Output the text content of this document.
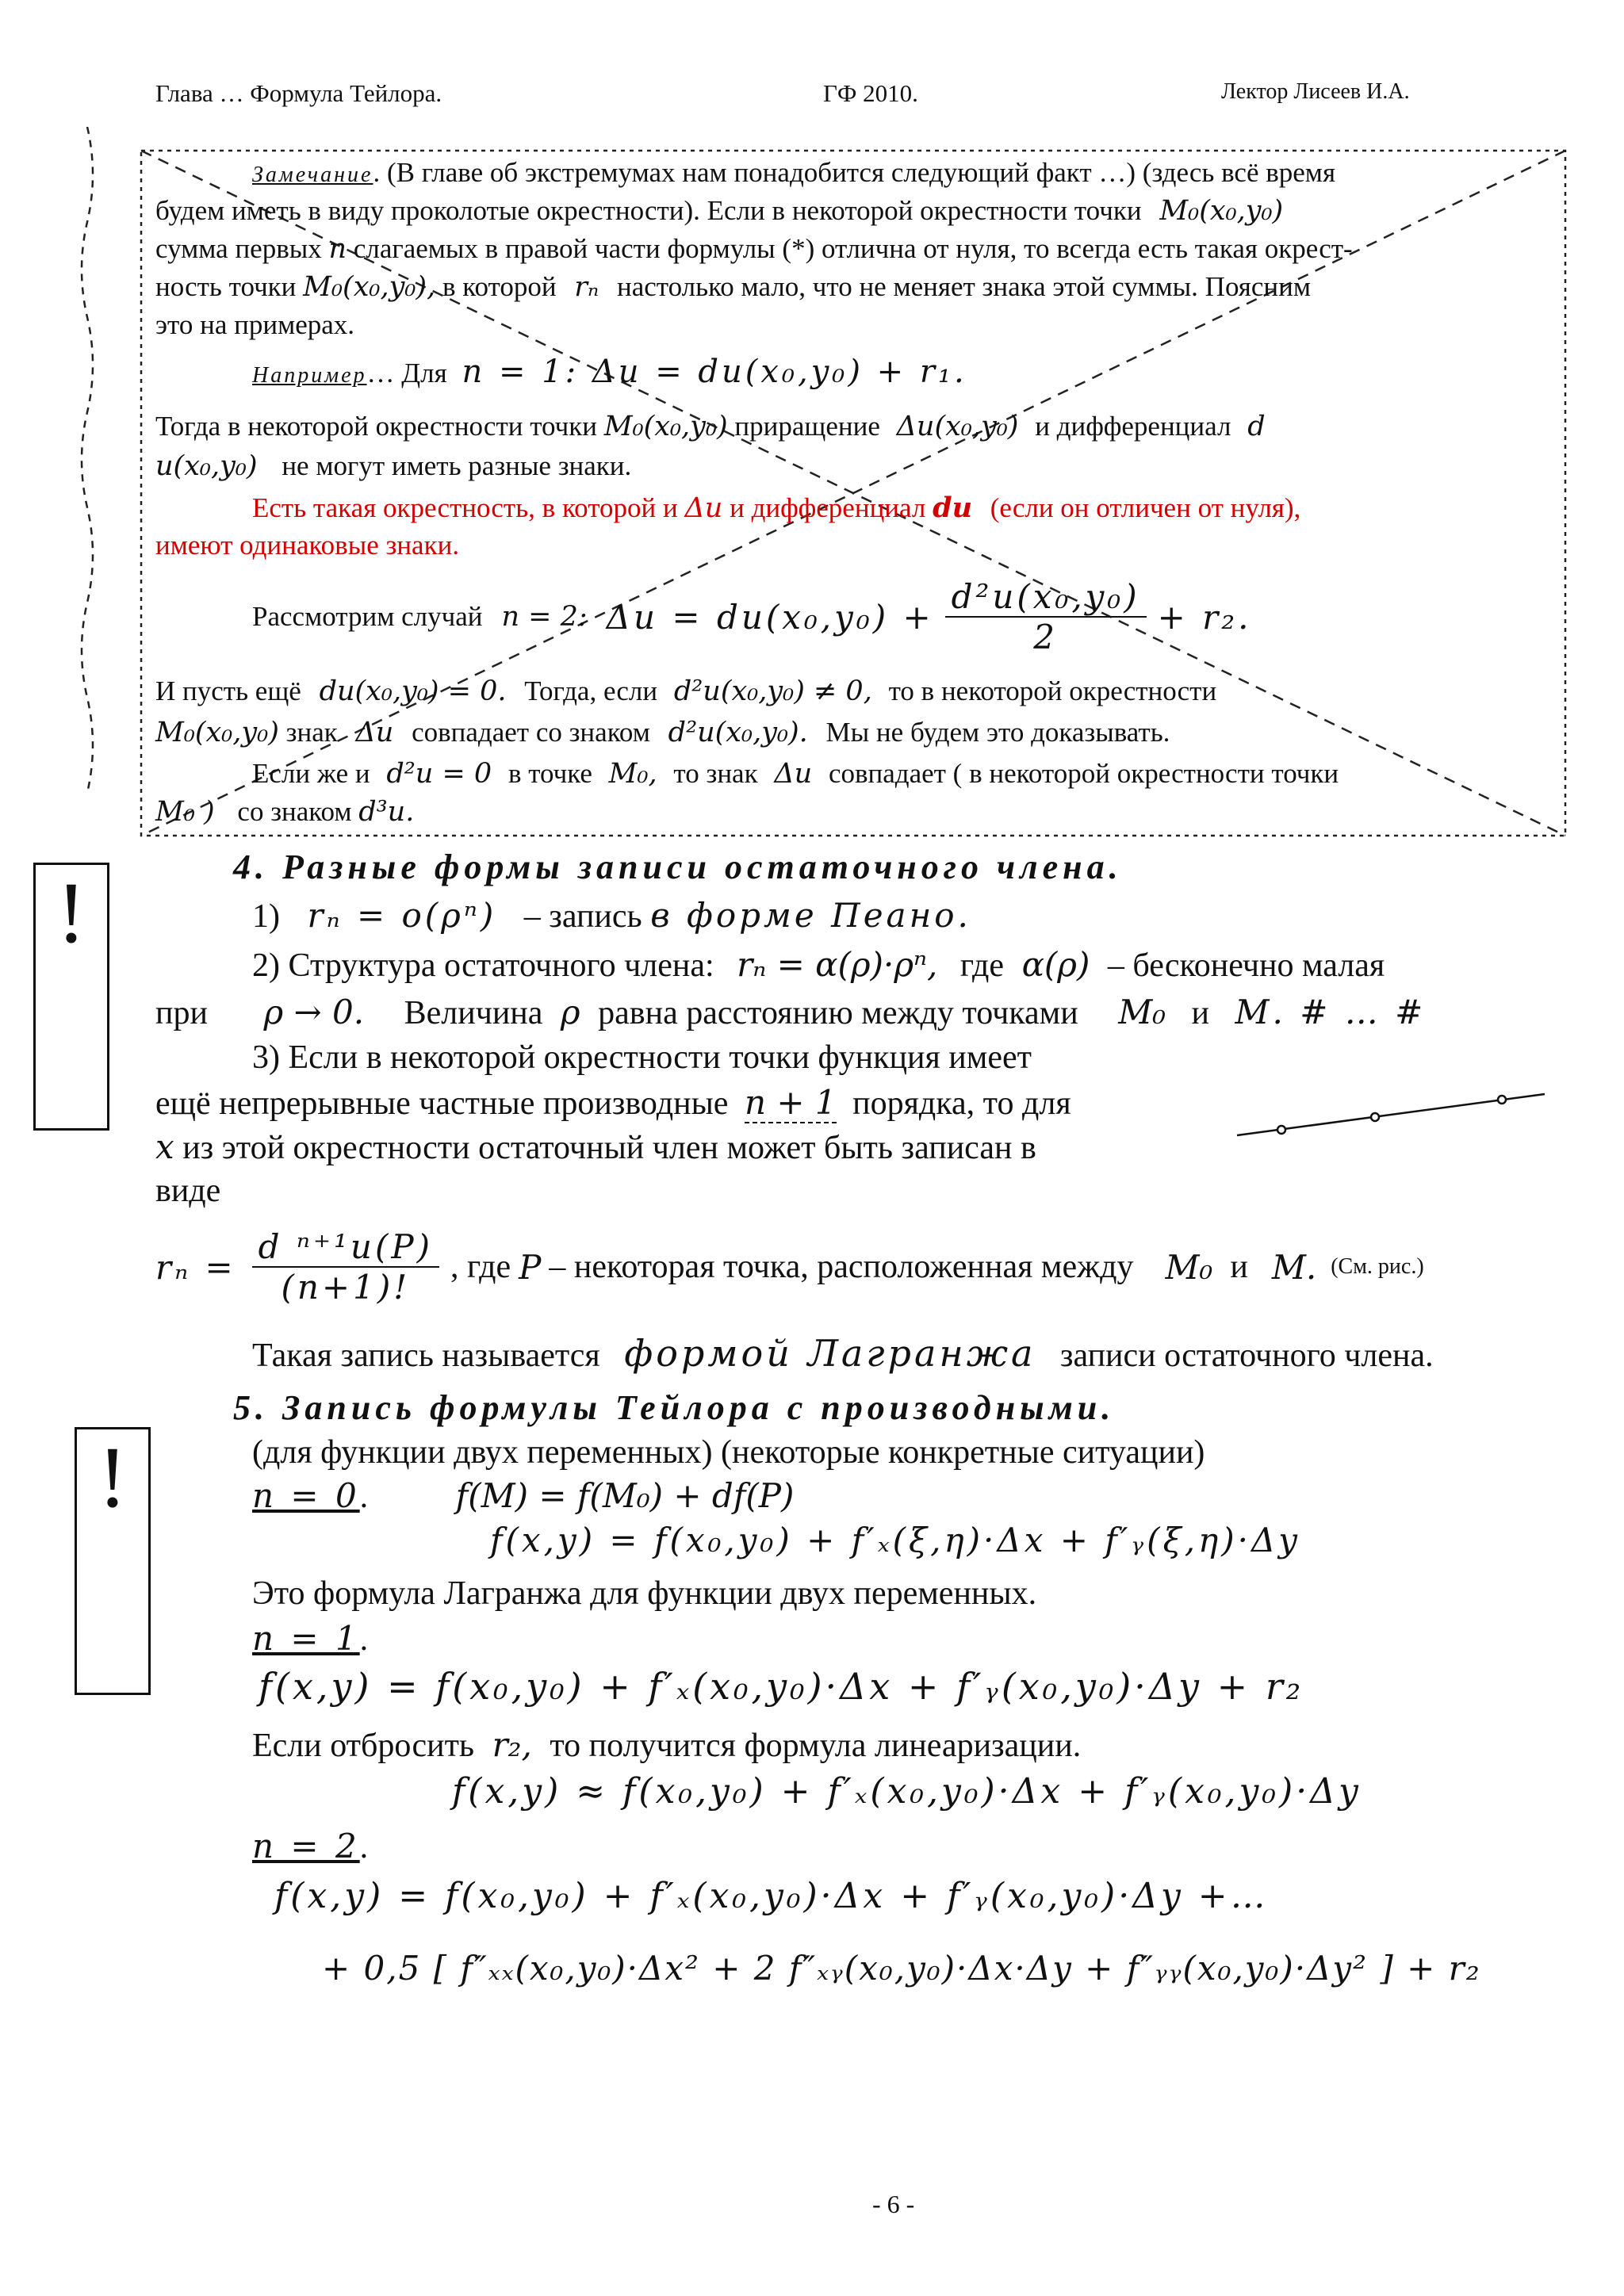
Глава … Формула Тейлора.	ГФ 2010.	Лектор Лисеев И.А.
Замечание. (В главе об экстремумах нам понадобится следующий факт …) (здесь всё время
будем иметь в виду проколотые окрестности). Если в некоторой окрестности точки M₀(x₀,y₀)
сумма первых n слагаемых в правой части формулы (*) отлична от нуля, то всегда есть такая окрест-
ность точки M₀(x₀,y₀), в которой rₙ настолько мало, что не меняет знака этой суммы. Поясним
это на примерах.
Например… Для n = 1: Δu = du(x₀,y₀) + r₁.
Тогда в некоторой окрестности точки M₀(x₀,y₀) приращение Δu(x₀,y₀) и дифференциал d
u(x₀,y₀) не могут иметь разные знаки.
Есть такая окрестность, в которой и Δu и дифференциал du (если он отличен от нуля),
имеют одинаковые знаки.
Рассмотрим случай n = 2: $\Delta u = du(x_0,y_0) + \frac{\text{d²u(x₀,y₀)}}{2} + r_2$.
И пусть ещё du(x₀,y₀) = 0. Тогда, если d²u(x₀,y₀) ≠ 0, то в некоторой окрестности
M₀(x₀,y₀) знак Δu совпадает со знаком d²u(x₀,y₀). Мы не будем это доказывать.
Если же и d²u = 0 в точке M₀, то знак Δu совпадает ( в некоторой окрестности точки
M₀ ) со знаком d³u.
!
!
4. Разные формы записи остаточного члена.
1) rₙ = o(ρⁿ) – запись в форме Пеано.
2) Структура остаточного члена: rₙ = α(ρ)·ρⁿ, где α(ρ) – бесконечно малая
при ρ → 0. Величина ρ равна расстоянию между точками M₀ и M. # … #
3) Если в некоторой окрестности точки функция имеет
ещё непрерывные частные производные n + 1 порядка, то для
x из этой окрестности остаточный член может быть записан в
виде
$r_n = \frac{\text{d ⁿ⁺¹u(P)}}{(n+1)!}$ , где P – некоторая точка, расположенная между M₀ и M. (См. рис.)
Такая запись называется формой Лагранжа записи остаточного члена.
5. Запись формулы Тейлора с производными.
(для функции двух переменных) (некоторые конкретные ситуации)
n = 0.	f(M) = f(M₀) + df(P)
f(x,y) = f(x₀,y₀) + f′ₓ(ξ,η)·Δx + f′ᵧ(ξ,η)·Δy
Это формула Лагранжа для функции двух переменных.
n = 1.
f(x,y) = f(x₀,y₀) + f′ₓ(x₀,y₀)·Δx + f′ᵧ(x₀,y₀)·Δy + r₂
Если отбросить r₂, то получится формула линеаризации.
f(x,y) ≈ f(x₀,y₀) + f′ₓ(x₀,y₀)·Δx + f′ᵧ(x₀,y₀)·Δy
n = 2.
f(x,y) = f(x₀,y₀) + f′ₓ(x₀,y₀)·Δx + f′ᵧ(x₀,y₀)·Δy +…
+ 0,5 [ f″ₓₓ(x₀,y₀)·Δx² + 2 f″ₓᵧ(x₀,y₀)·Δx·Δy + f″ᵧᵧ(x₀,y₀)·Δy² ] + r₂
- 6 -
